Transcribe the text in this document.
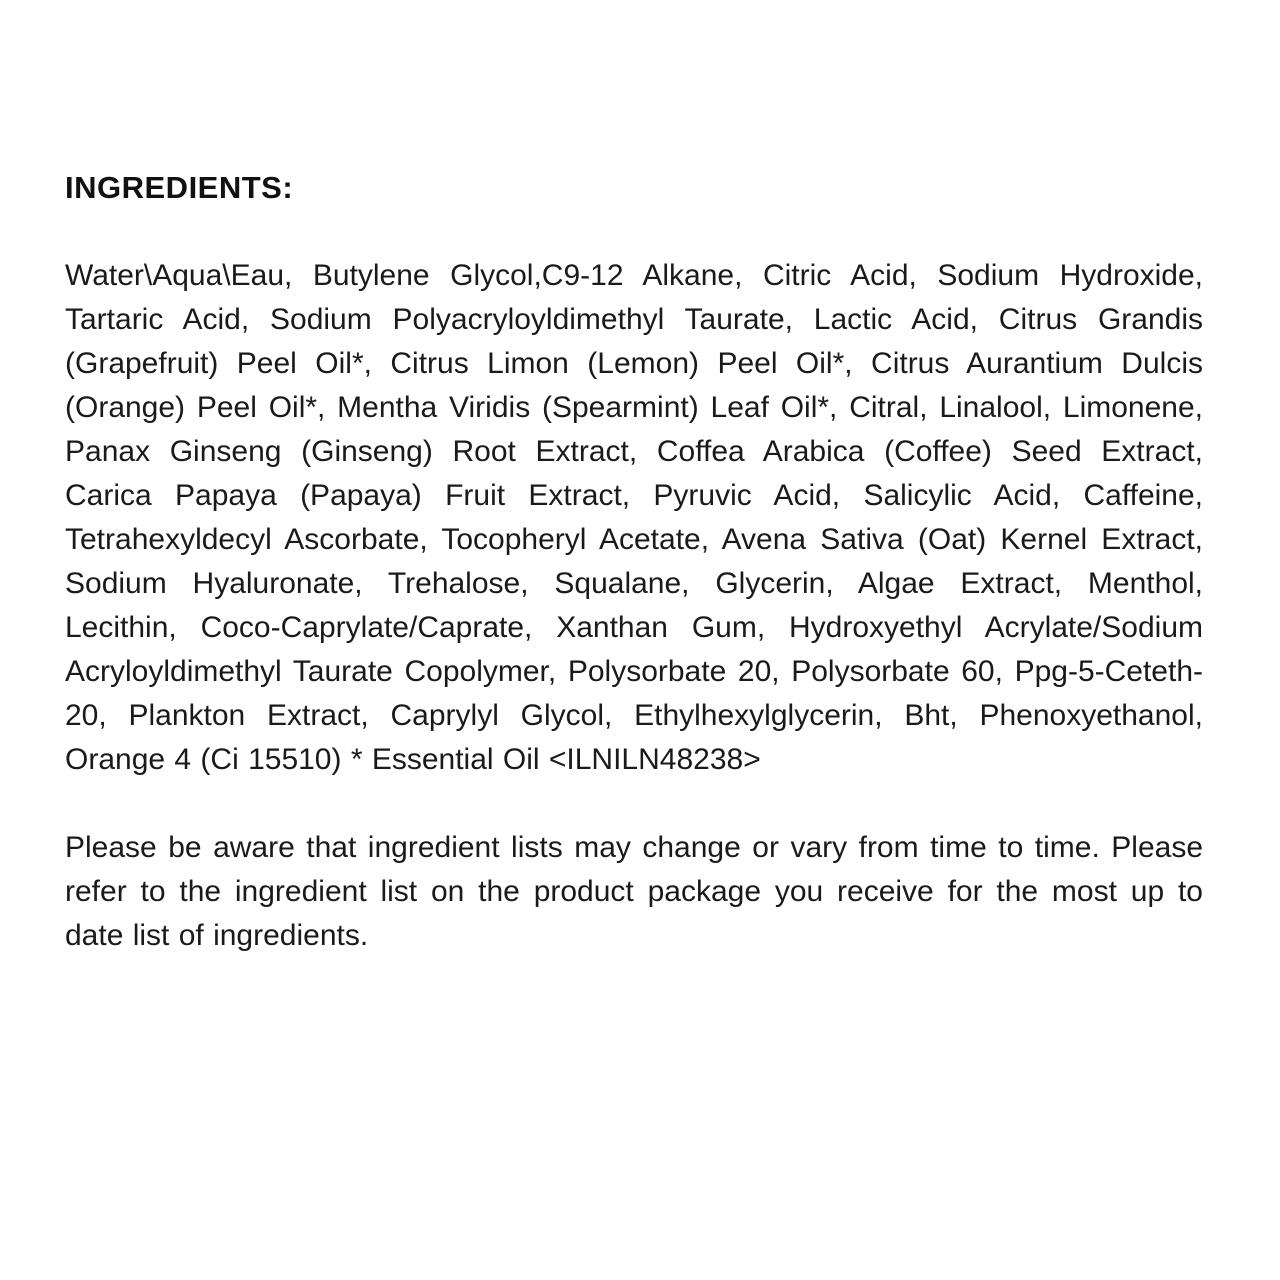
INGREDIENTS:

Water\Aqua\Eau, Butylene Glycol,C9-12 Alkane, Citric Acid, Sodium Hydroxide, Tartaric Acid, Sodium Polyacryloyldimethyl Taurate, Lactic Acid, Citrus Grandis (Grapefruit) Peel Oil*, Citrus Limon (Lemon) Peel Oil*, Citrus Aurantium Dulcis (Orange) Peel Oil*, Mentha Viridis (Spearmint) Leaf Oil*, Citral, Linalool, Limonene, Panax Ginseng (Ginseng) Root Extract, Coffea Arabica (Coffee) Seed Extract, Carica Papaya (Papaya) Fruit Extract, Pyruvic Acid, Salicylic Acid, Caffeine, Tetrahexyldecyl Ascorbate, Tocopheryl Acetate, Avena Sativa (Oat) Kernel Extract, Sodium Hyaluronate, Trehalose, Squalane, Glycerin, Algae Extract, Menthol, Lecithin, Coco-Caprylate/Caprate, Xanthan Gum, Hydroxyethyl Acrylate/Sodium Acryloyldimethyl Taurate Copolymer, Polysorbate 20, Polysorbate 60, Ppg-5-Ceteth-20, Plankton Extract, Caprylyl Glycol, Ethylhexylglycerin, Bht, Phenoxyethanol, Orange 4 (Ci 15510) * Essential Oil <ILNILN48238>

Please be aware that ingredient lists may change or vary from time to time. Please refer to the ingredient list on the product package you receive for the most up to date list of ingredients.
